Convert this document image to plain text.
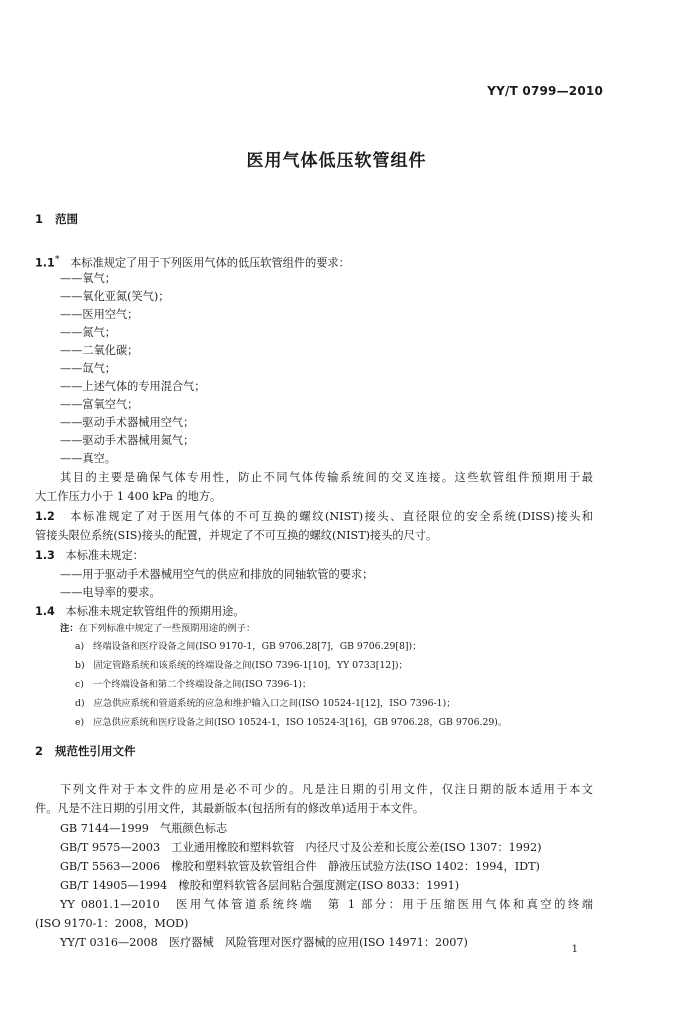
YY/T 0799—2010
医用气体低压软管组件
1 范围
1.1* 本标准规定了用于下列医用气体的低压软管组件的要求：
——氧气；
——氧化亚氮(笑气)；
——医用空气；
——氮气；
——二氧化碳；
——氙气；
——上述气体的专用混合气；
——富氧空气；
——驱动手术器械用空气；
——驱动手术器械用氮气；
——真空。
其目的主要是确保气体专用性，防止不同气体传输系统间的交叉连接。这些软管组件预期用于最
大工作压力小于 1 400 kPa 的地方。
1.2 本标准规定了对于医用气体的不可互换的螺纹(NIST)接头、直径限位的安全系统(DISS)接头和
管接头限位系统(SIS)接头的配置，并规定了不可互换的螺纹(NIST)接头的尺寸。
1.3 本标准未规定：
——用于驱动手术器械用空气的供应和排放的同轴软管的要求；
——电导率的要求。
1.4 本标准未规定软管组件的预期用途。
注：在下列标准中规定了一些预期用途的例子：
a) 终端设备和医疗设备之间(ISO 9170-1，GB 9706.28[7]，GB 9706.29[8])；
b) 固定管路系统和该系统的终端设备之间(ISO 7396-1[10]，YY 0733[12])；
c) 一个终端设备和第二个终端设备之间(ISO 7396-1)；
d) 应急供应系统和管道系统的应急和维护输入口之间(ISO 10524-1[12]，ISO 7396-1)；
e) 应急供应系统和医疗设备之间(ISO 10524-1，ISO 10524-3[16]，GB 9706.28，GB 9706.29)。
2 规范性引用文件
下列文件对于本文件的应用是必不可少的。凡是注日期的引用文件，仅注日期的版本适用于本文
件。凡是不注日期的引用文件，其最新版本(包括所有的修改单)适用于本文件。
GB 7144—1999　气瓶颜色标志
GB/T 9575—2003　工业通用橡胶和塑料软管　内径尺寸及公差和长度公差(ISO 1307：1992)
GB/T 5563—2006　橡胶和塑料软管及软管组合件　静液压试验方法(ISO 1402：1994，IDT)
GB/T 14905—1994　橡胶和塑料软管各层间粘合强度测定(ISO 8033：1991)
YY 0801.1—2010　医用气体管道系统终端　第 1 部分：用于压缩医用气体和真空的终端
(ISO 9170-1：2008，MOD)
YY/T 0316—2008　医疗器械　风险管理对医疗器械的应用(ISO 14971：2007)
1
